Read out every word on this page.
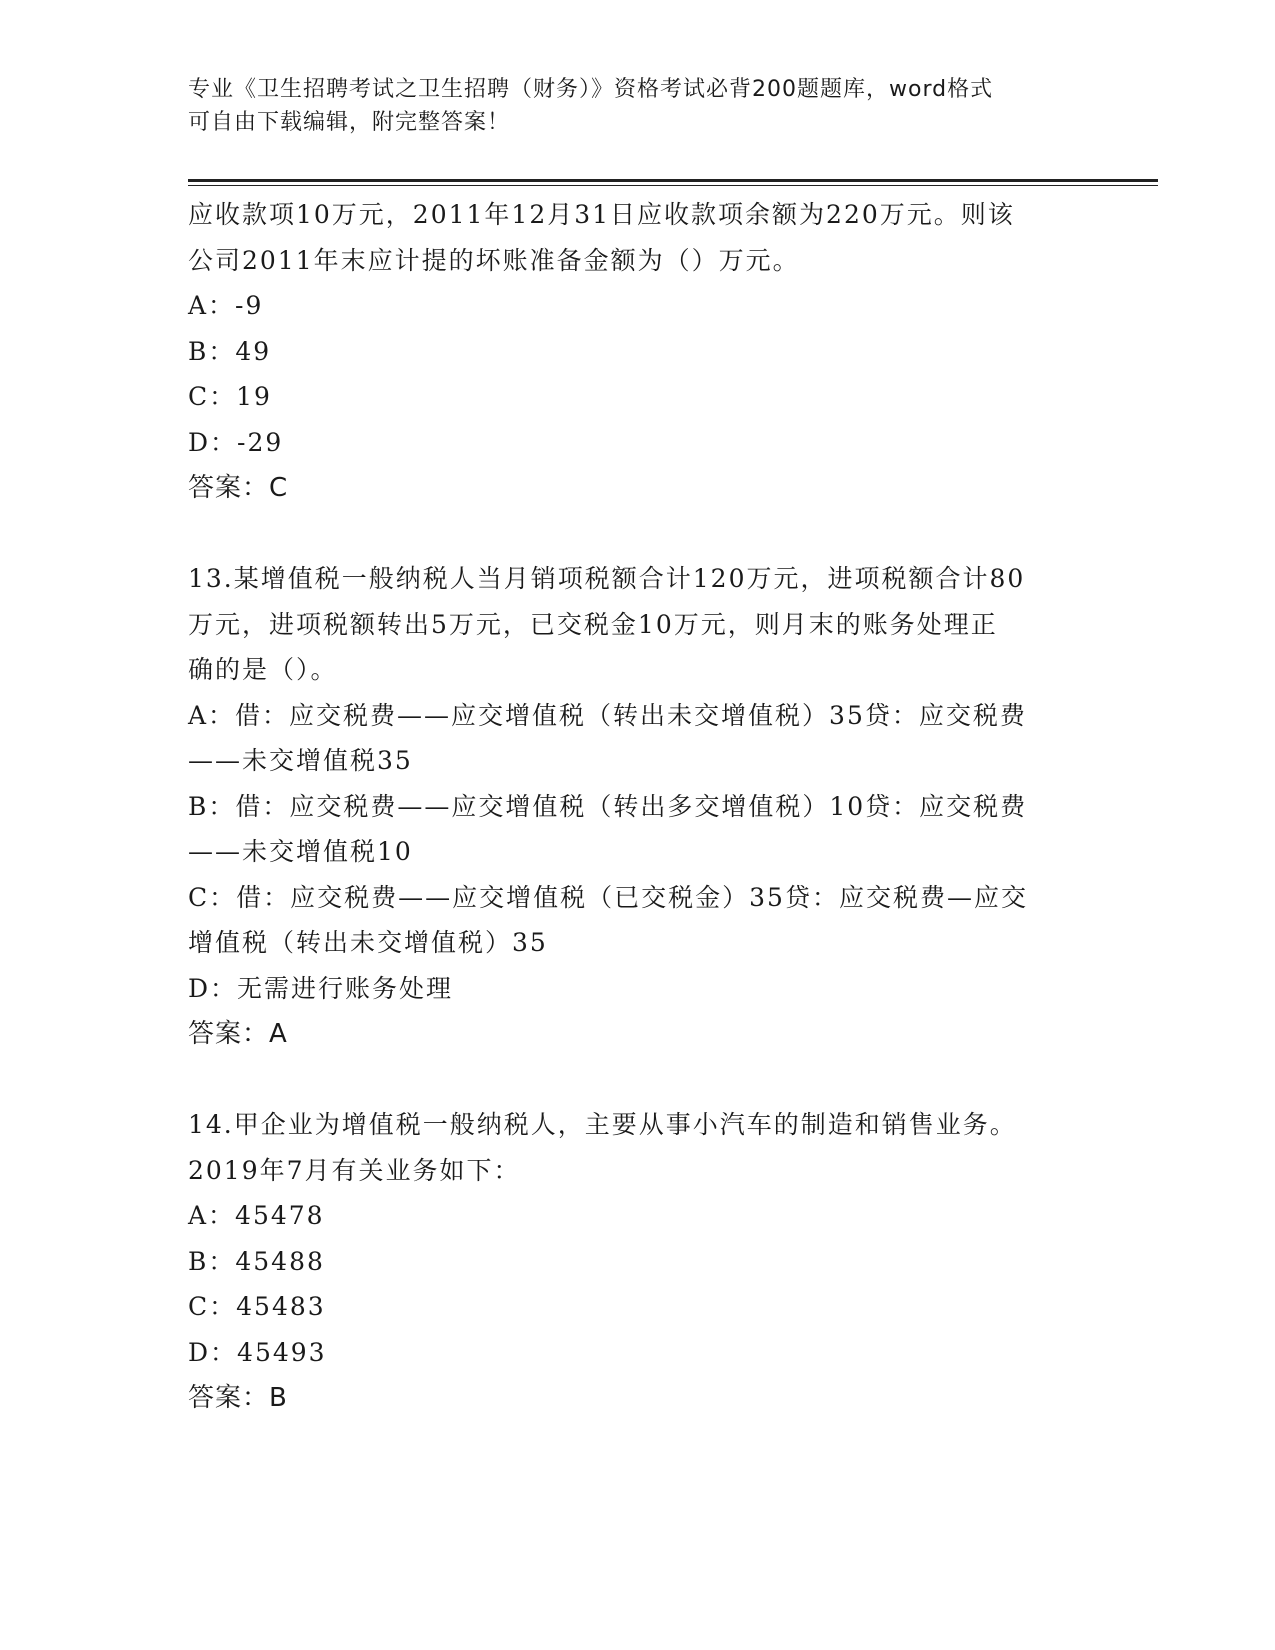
专业《卫生招聘考试之卫生招聘（财务）》资格考试必背200题题库，word格式
可自由下载编辑，附完整答案！

应收款项10万元，2011年12月31日应收款项余额为220万元。则该

公司2011年末应计提的坏账准备金额为（）万元。

A：-9

B：49

C：19

D：-29

答案：C

13.某增值税一般纳税人当月销项税额合计120万元，进项税额合计80

万元，进项税额转出5万元，已交税金10万元，则月末的账务处理正

确的是（）。

A：借：应交税费——应交增值税（转出未交增值税）35贷：应交税费

——未交增值税35

B：借：应交税费——应交增值税（转出多交增值税）10贷：应交税费

——未交增值税10

C：借：应交税费——应交增值税（已交税金）35贷：应交税费—应交

增值税（转出未交增值税）35

D：无需进行账务处理

答案：A

14.甲企业为增值税一般纳税人，主要从事小汽车的制造和销售业务。

2019年7月有关业务如下：

A：45478

B：45488

C：45483

D：45493

答案：B
